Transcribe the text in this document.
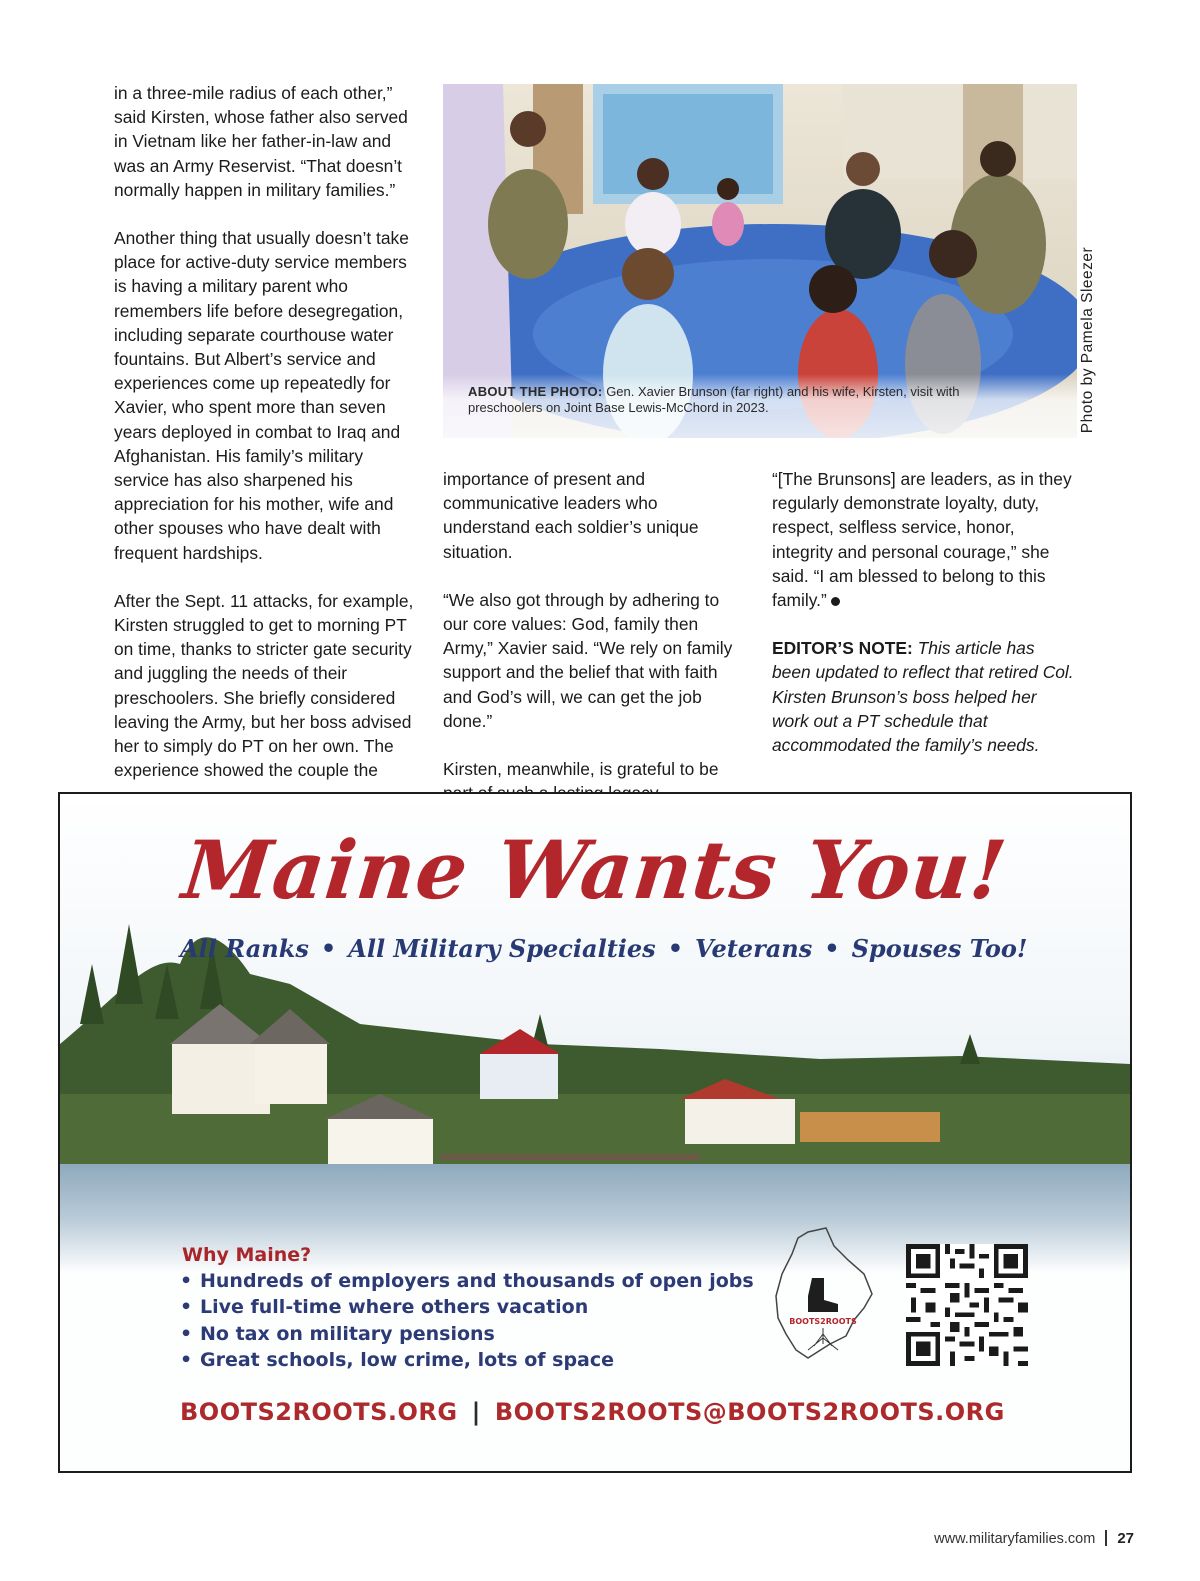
in a three-mile radius of each other,” said Kirsten, whose father also served in Vietnam like her father-in-law and was an Army Reservist. “That doesn’t normally happen in military families.”

Another thing that usually doesn’t take place for active-duty service members is having a military parent who remembers life before desegregation, including separate courthouse water fountains. But Albert’s service and experiences come up repeatedly for Xavier, who spent more than seven years deployed in combat to Iraq and Afghanistan. His family’s military service has also sharpened his appreciation for his mother, wife and other spouses who have dealt with frequent hardships.

After the Sept. 11 attacks, for example, Kirsten struggled to get to morning PT on time, thanks to stricter gate security and juggling the needs of their preschoolers. She briefly considered leaving the Army, but her boss advised her to simply do PT on her own. The experience showed the couple the

ABOUT THE PHOTO: Gen. Xavier Brunson (far right) and his wife, Kirsten, visit with preschoolers on Joint Base Lewis-McChord in 2023.	Photo by Pamela Sleezer

importance of present and communicative leaders who understand each soldier’s unique situation.

“We also got through by adhering to our core values: God, family then Army,” Xavier said. “We rely on family support and the belief that with faith and God’s will, we can get the job done.”

Kirsten, meanwhile, is grateful to be

“[The Brunsons] are leaders, as in they regularly demonstrate loyalty, duty, respect, selfless service, honor, integrity and personal courage,” she said. “I am blessed to belong to this family.”

EDITOR’S NOTE: This article has been updated to reflect that retired Col. Kirsten Brunson’s boss helped her work out a PT schedule that accommodated the family’s needs.

Maine Wants You!
All Ranks • All Military Specialties • Veterans • Spouses Too!
Why Maine?
• Hundreds of employers and thousands of open jobs
• Live full-time where others vacation
• No tax on military pensions
• Great schools, low crime, lots of space
BOOTS2ROOTS
BOOTS2ROOTS.ORG | BOOTS2ROOTS@BOOTS2ROOTS.ORG
www.militaryfamilies.com 27
